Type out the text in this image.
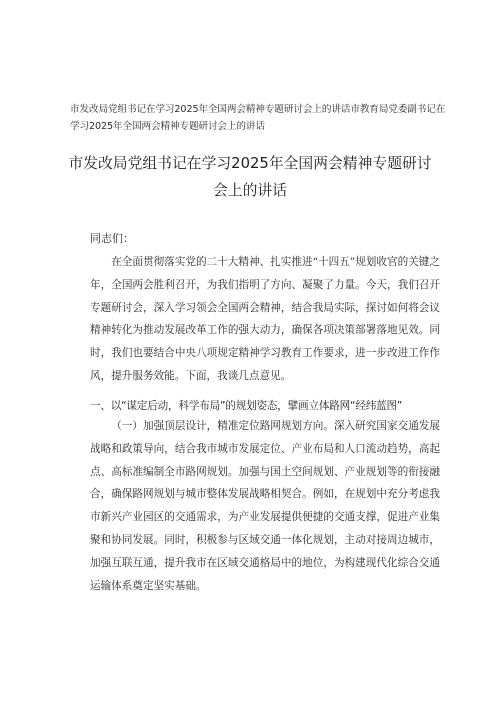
市发改局党组书记在学习2025年全国两会精神专题研讨会上的讲话市教育局党委副书记在学习2025年全国两会精神专题研讨会上的讲话
市发改局党组书记在学习2025年全国两会精神专题研讨
会上的讲话
同志们：

在全面贯彻落实党的二十大精神、扎实推进“十四五”规划收官的关键之年，全国两会胜利召开，为我们指明了方向、凝聚了力量。今天，我们召开专题研讨会，深入学习领会全国两会精神，结合我局实际，探讨如何将会议精神转化为推动发展改革工作的强大动力，确保各项决策部署落地见效。同时，我们也要结合中央八项规定精神学习教育工作要求，进一步改进工作作风，提升服务效能。下面，我谈几点意见。

一、以“谋定后动，科学布局”的规划姿态，擘画立体路网“经纬蓝图”

（一）加强顶层设计，精准定位路网规划方向。深入研究国家交通发展战略和政策导向，结合我市城市发展定位、产业布局和人口流动趋势，高起点、高标准编制全市路网规划。加强与国土空间规划、产业规划等的衔接融合，确保路网规划与城市整体发展战略相契合。例如，在规划中充分考虑我市新兴产业园区的交通需求，为产业发展提供便捷的交通支撑，促进产业集聚和协同发展。同时，积极参与区域交通一体化规划，主动对接周边城市，加强互联互通，提升我市在区域交通格局中的地位，为构建现代化综合交通运输体系奠定坚实基础。
